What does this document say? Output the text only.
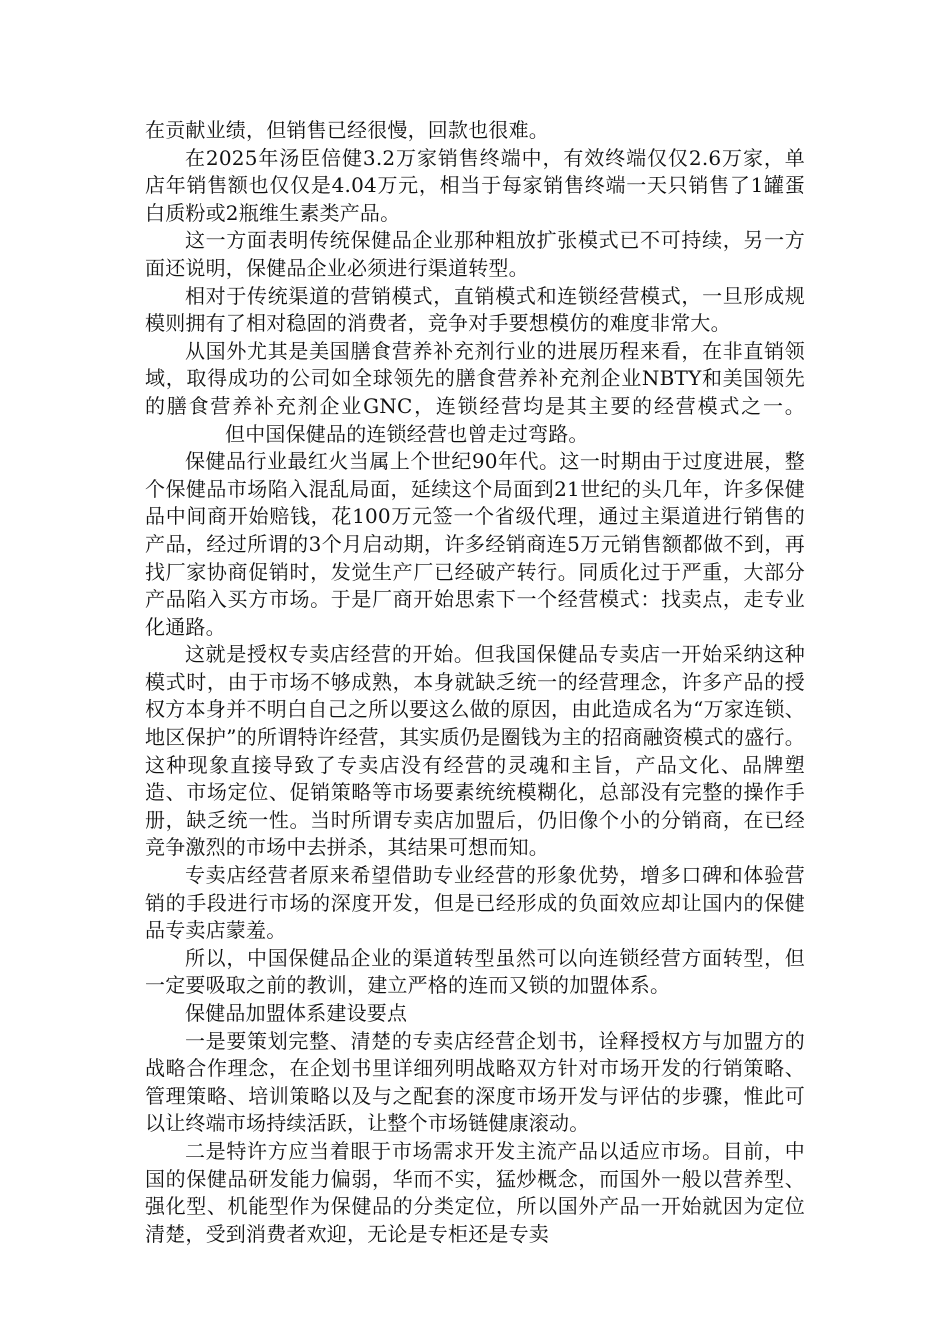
在贡献业绩，但销售已经很慢，回款也很难。

在2025年汤臣倍健3.2万家销售终端中，有效终端仅仅2.6万家，单店年销售额也仅仅是4.04万元，相当于每家销售终端一天只销售了1罐蛋白质粉或2瓶维生素类产品。

这一方面表明传统保健品企业那种粗放扩张模式已不可持续，另一方面还说明，保健品企业必须进行渠道转型。

相对于传统渠道的营销模式，直销模式和连锁经营模式，一旦形成规模则拥有了相对稳固的消费者，竞争对手要想模仿的难度非常大。

从国外尤其是美国膳食营养补充剂行业的进展历程来看，在非直销领域，取得成功的公司如全球领先的膳食营养补充剂企业NBTY和美国领先的膳食营养补充剂企业GNC，连锁经营均是其主要的经营模式之一。但中国保健品的连锁经营也曾走过弯路。

保健品行业最红火当属上个世纪90年代。这一时期由于过度进展，整个保健品市场陷入混乱局面，延续这个局面到21世纪的头几年，许多保健品中间商开始赔钱，花100万元签一个省级代理，通过主渠道进行销售的产品，经过所谓的3个月启动期，许多经销商连5万元销售额都做不到，再找厂家协商促销时，发觉生产厂已经破产转行。同质化过于严重，大部分产品陷入买方市场。于是厂商开始思索下一个经营模式：找卖点，走专业化通路。

这就是授权专卖店经营的开始。但我国保健品专卖店一开始采纳这种模式时，由于市场不够成熟，本身就缺乏统一的经营理念，许多产品的授权方本身并不明白自己之所以要这么做的原因，由此造成名为“万家连锁、地区保护”的所谓特许经营，其实质仍是圈钱为主的招商融资模式的盛行。这种现象直接导致了专卖店没有经营的灵魂和主旨，产品文化、品牌塑造、市场定位、促销策略等市场要素统统模糊化，总部没有完整的操作手册，缺乏统一性。当时所谓专卖店加盟后，仍旧像个小的分销商，在已经竞争激烈的市场中去拼杀，其结果可想而知。

专卖店经营者原来希望借助专业经营的形象优势，增多口碑和体验营销的手段进行市场的深度开发，但是已经形成的负面效应却让国内的保健品专卖店蒙羞。

所以，中国保健品企业的渠道转型虽然可以向连锁经营方面转型，但一定要吸取之前的教训，建立严格的连而又锁的加盟体系。

保健品加盟体系建设要点

一是要策划完整、清楚的专卖店经营企划书，诠释授权方与加盟方的战略合作理念，在企划书里详细列明战略双方针对市场开发的行销策略、管理策略、培训策略以及与之配套的深度市场开发与评估的步骤，惟此可以让终端市场持续活跃，让整个市场链健康滚动。

二是特许方应当着眼于市场需求开发主流产品以适应市场。目前，中国的保健品研发能力偏弱，华而不实，猛炒概念，而国外一般以营养型、强化型、机能型作为保健品的分类定位，所以国外产品一开始就因为定位清楚，受到消费者欢迎，无论是专柜还是专卖
